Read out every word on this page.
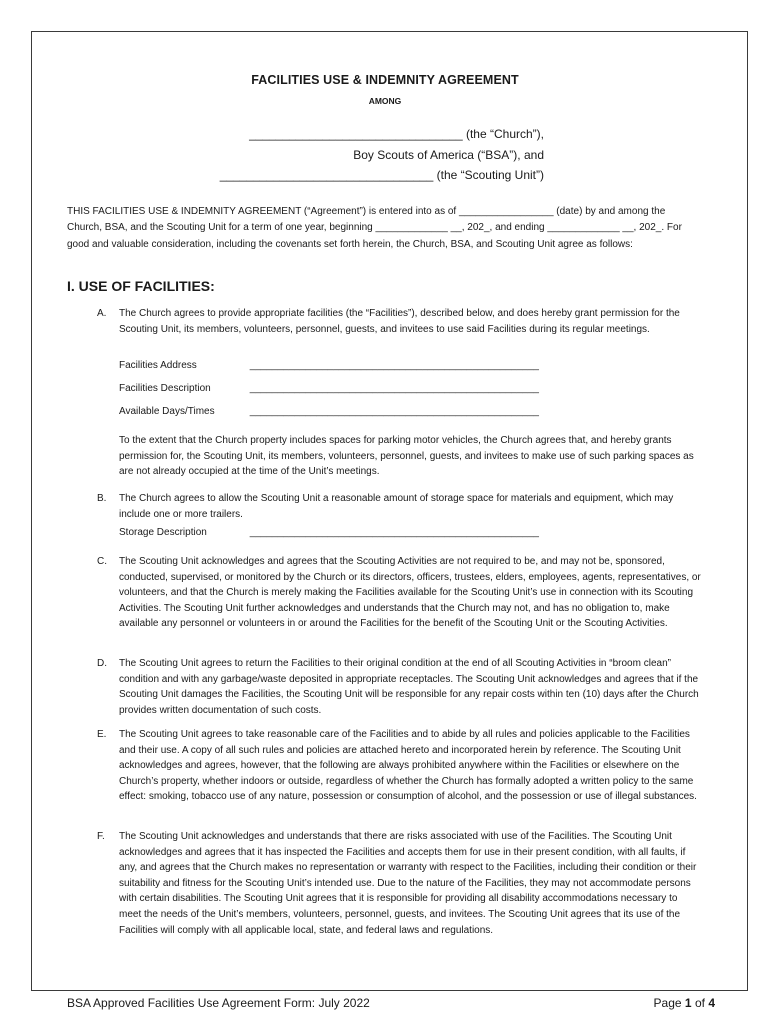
FACILITIES USE & INDEMNITY AGREEMENT
AMONG
________________________________ (the “Church”),
Boy Scouts of America (“BSA”), and
________________________________ (the “Scouting Unit”)
THIS FACILITIES USE & INDEMNITY AGREEMENT (“Agreement”) is entered into as of _________________ (date) by and among the Church, BSA, and the Scouting Unit for a term of one year, beginning _____________ __, 202_, and ending _____________ __, 202_. For good and valuable consideration, including the covenants set forth herein, the Church, BSA, and Scouting Unit agree as follows:
I. USE OF FACILITIES:
A. The Church agrees to provide appropriate facilities (the “Facilities”), described below, and does hereby grant permission for the Scouting Unit, its members, volunteers, personnel, guests, and invitees to use said Facilities during its regular meetings.
Facilities Address	____________________________________________________
Facilities Description	____________________________________________________
Available Days/Times	____________________________________________________
To the extent that the Church property includes spaces for parking motor vehicles, the Church agrees that, and hereby grants permission for, the Scouting Unit, its members, volunteers, personnel, guests, and invitees to make use of such parking spaces as are not already occupied at the time of the Unit’s meetings.
B. The Church agrees to allow the Scouting Unit a reasonable amount of storage space for materials and equipment, which may include one or more trailers.
Storage Description	____________________________________________________
C. The Scouting Unit acknowledges and agrees that the Scouting Activities are not required to be, and may not be, sponsored, conducted, supervised, or monitored by the Church or its directors, officers, trustees, elders, employees, agents, representatives, or volunteers, and that the Church is merely making the Facilities available for the Scouting Unit’s use in connection with its Scouting Activities. The Scouting Unit further acknowledges and understands that the Church may not, and has no obligation to, make available any personnel or volunteers in or around the Facilities for the benefit of the Scouting Unit or the Scouting Activities.
D. The Scouting Unit agrees to return the Facilities to their original condition at the end of all Scouting Activities in “broom clean” condition and with any garbage/waste deposited in appropriate receptacles. The Scouting Unit acknowledges and agrees that if the Scouting Unit damages the Facilities, the Scouting Unit will be responsible for any repair costs within ten (10) days after the Church provides written documentation of such costs.
E. The Scouting Unit agrees to take reasonable care of the Facilities and to abide by all rules and policies applicable to the Facilities and their use. A copy of all such rules and policies are attached hereto and incorporated herein by reference. The Scouting Unit acknowledges and agrees, however, that the following are always prohibited anywhere within the Facilities or elsewhere on the Church’s property, whether indoors or outside, regardless of whether the Church has formally adopted a written policy to the same effect: smoking, tobacco use of any nature, possession or consumption of alcohol, and the possession or use of illegal substances.
F. The Scouting Unit acknowledges and understands that there are risks associated with use of the Facilities. The Scouting Unit acknowledges and agrees that it has inspected the Facilities and accepts them for use in their present condition, with all faults, if any, and agrees that the Church makes no representation or warranty with respect to the Facilities, including their condition or their suitability and fitness for the Scouting Unit’s intended use. Due to the nature of the Facilities, they may not accommodate persons with certain disabilities. The Scouting Unit agrees that it is responsible for providing all disability accommodations necessary to meet the needs of the Unit’s members, volunteers, personnel, guests, and invitees. The Scouting Unit agrees that its use of the Facilities will comply with all applicable local, state, and federal laws and regulations.
BSA Approved Facilities Use Agreement Form: July 2022	Page 1 of 4
